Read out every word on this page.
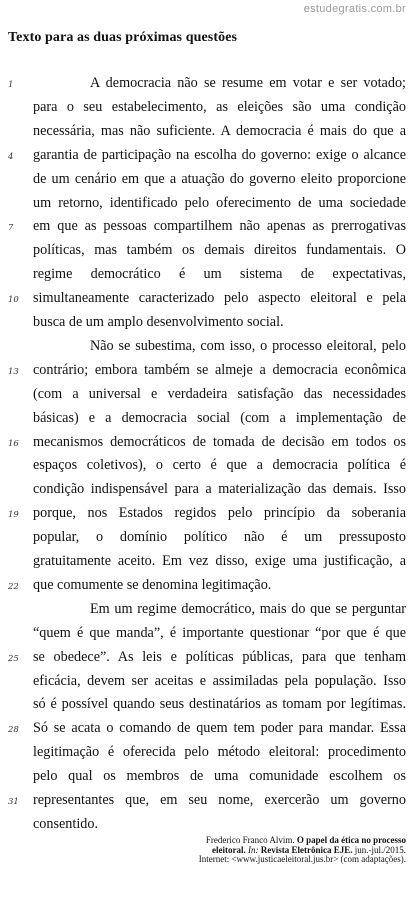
estudegratis.com.br
Texto para as duas próximas questões
1	A democracia não se resume em votar e ser votado;
para o seu estabelecimento, as eleições são uma condição
necessária, mas não suficiente. A democracia é mais do que a
4 garantia de participação na escolha do governo: exige o alcance
de um cenário em que a atuação do governo eleito proporcione
um retorno, identificado pelo oferecimento de uma sociedade
7 em que as pessoas compartilhem não apenas as prerrogativas
políticas, mas também os demais direitos fundamentais. O
regime democrático é um sistema de expectativas,
10 simultaneamente caracterizado pelo aspecto eleitoral e pela
busca de um amplo desenvolvimento social.
Não se subestima, com isso, o processo eleitoral, pelo
13 contrário; embora também se almeje a democracia econômica
(com a universal e verdadeira satisfação das necessidades
básicas) e a democracia social (com a implementação de
16 mecanismos democráticos de tomada de decisão em todos os
espaços coletivos), o certo é que a democracia política é
condição indispensável para a materialização das demais. Isso
19 porque, nos Estados regidos pelo princípio da soberania
popular, o domínio político não é um pressuposto
gratuitamente aceito. Em vez disso, exige uma justificação, a
22 que comumente se denomina legitimação.
Em um regime democrático, mais do que se perguntar
“quem é que manda”, é importante questionar “por que é que
25 se obedece”. As leis e políticas públicas, para que tenham
eficácia, devem ser aceitas e assimiladas pela população. Isso
só é possível quando seus destinatários as tomam por legítimas.
28 Só se acata o comando de quem tem poder para mandar. Essa
legitimação é oferecida pelo método eleitoral: procedimento
pelo qual os membros de uma comunidade escolhem os
31 representantes que, em seu nome, exercerão um governo
consentido.
Frederico Franco Alvim. O papel da ética no processo eleitoral. In: Revista Eletrônica EJE. jun.-jul./2015.
Internet: <www.justicaeleitoral.jus.br> (com adaptações).
